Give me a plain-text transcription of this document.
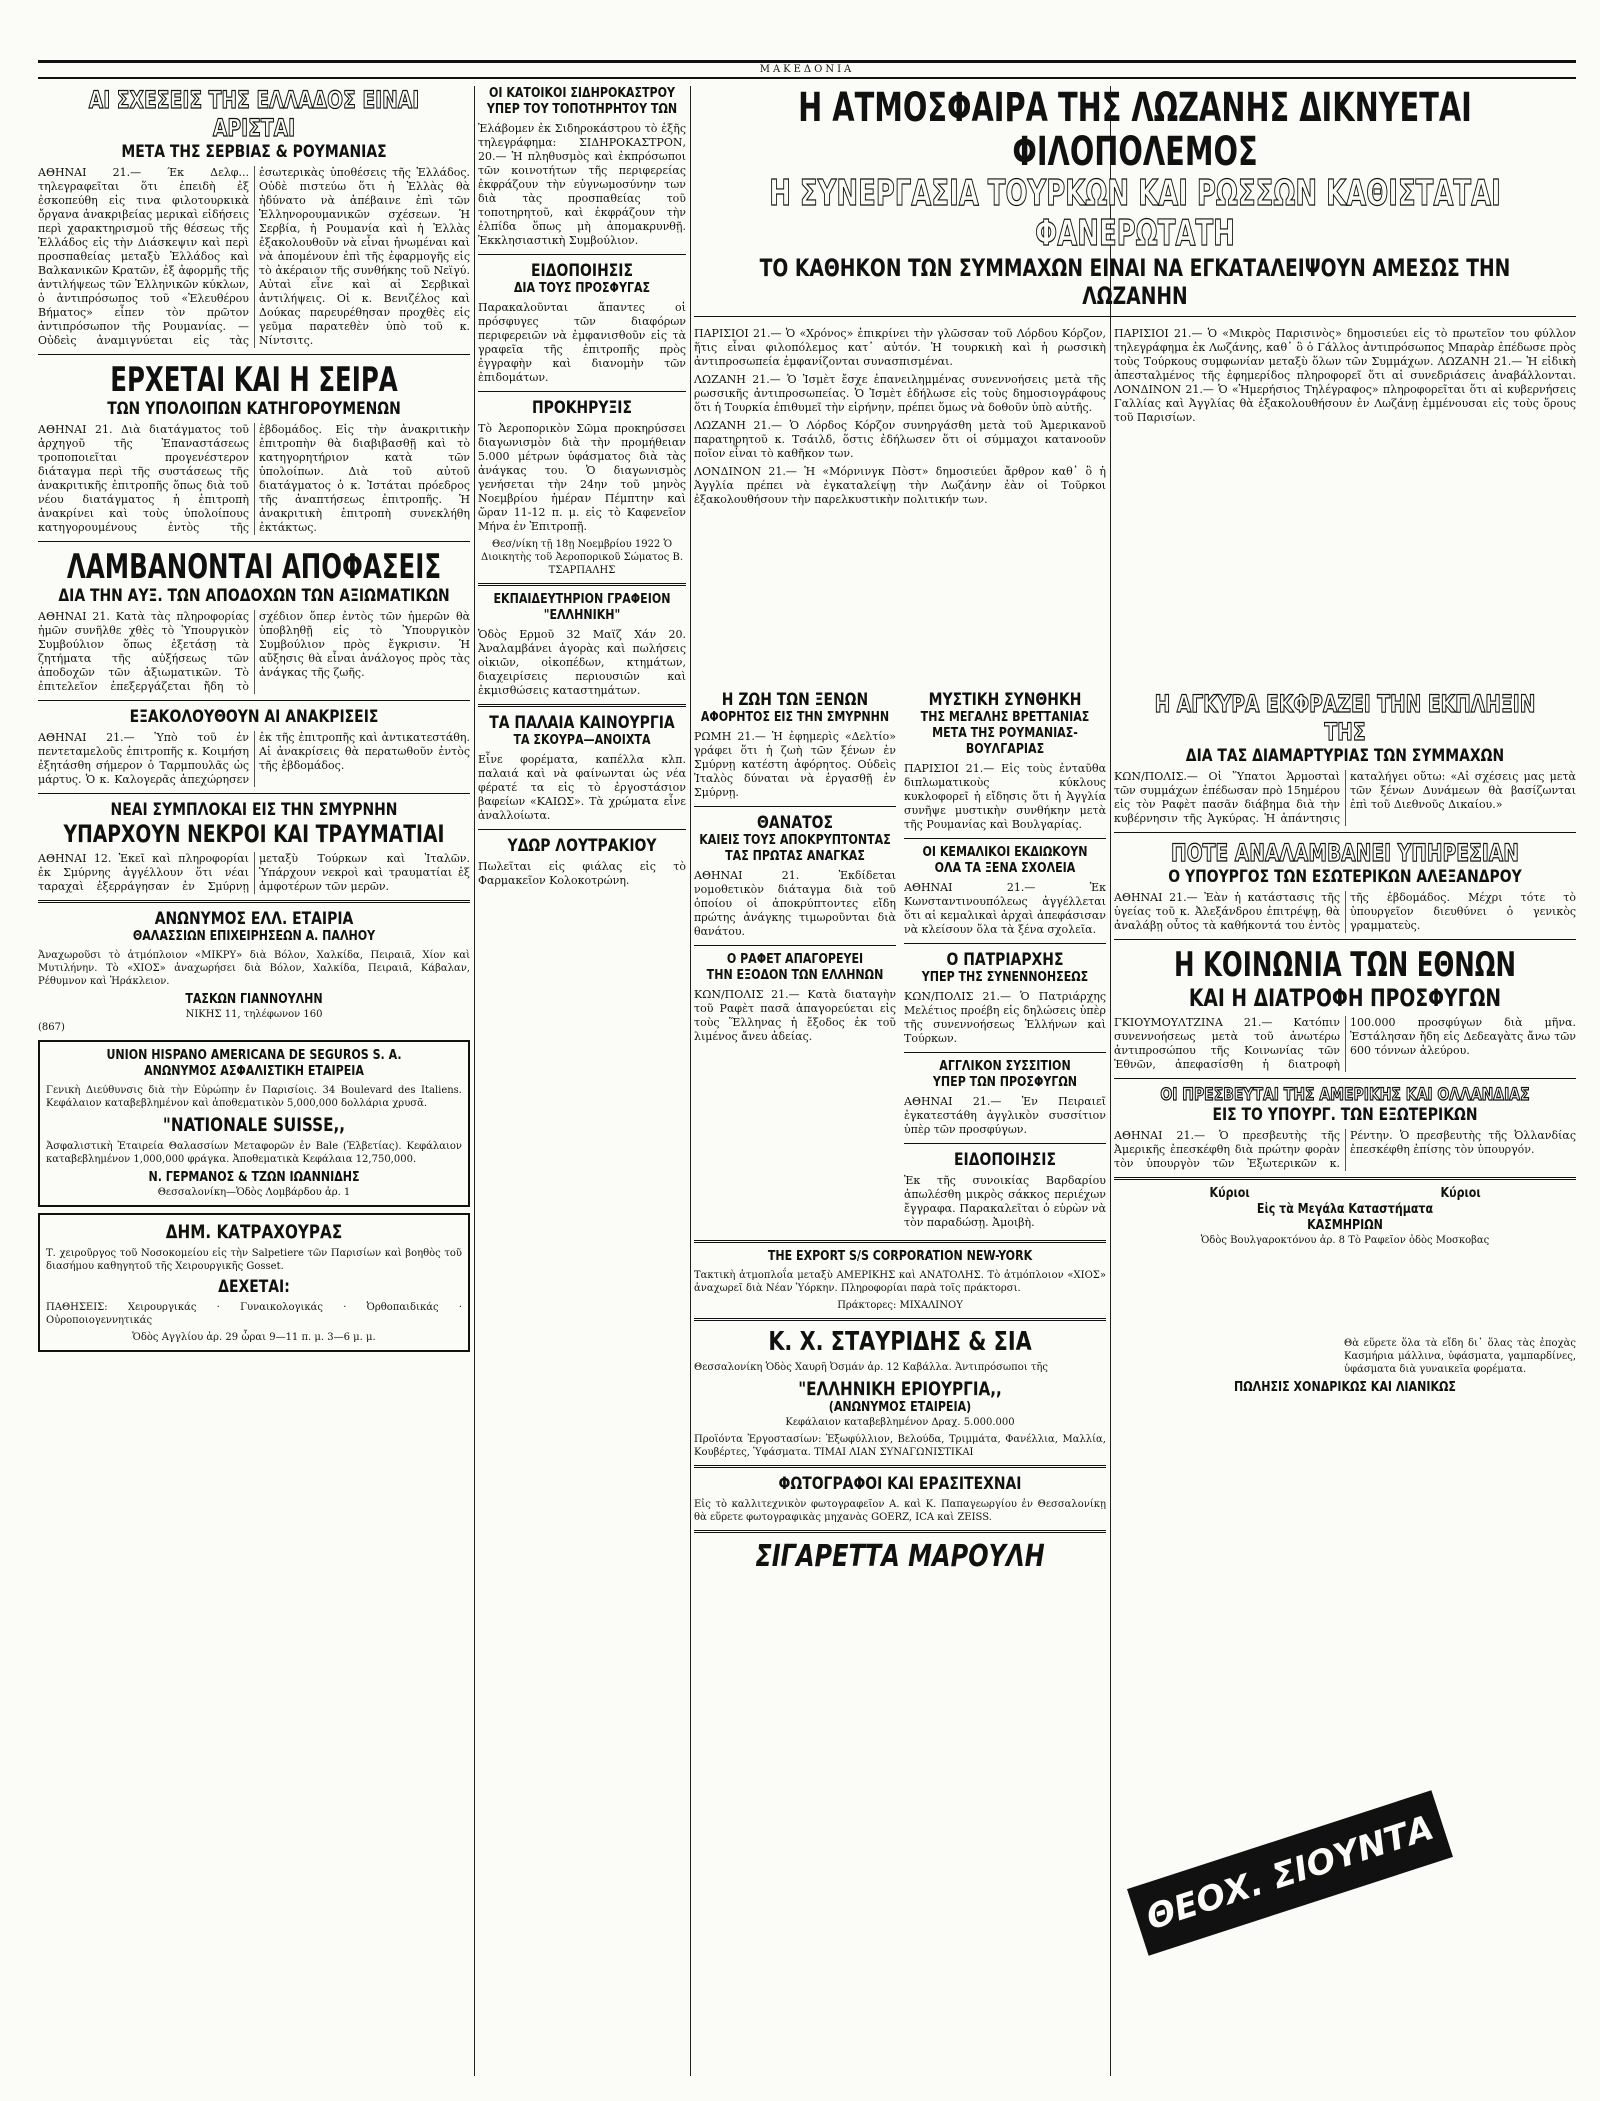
ΜΑΚΕΔΟΝΙΑ
ΑΙ ΣΧΕΣΕΙΣ ΤΗΣ ΕΛΛΑΔΟΣ ΕΙΝΑΙ ΑΡΙΣΤΑΙ
ΜΕΤΑ ΤΗΣ ΣΕΡΒΙΑΣ & ΡΟΥΜΑΝΙΑΣ
ΑΘΗΝΑΙ 21.— Έκ Δελφ... τηλεγραφεῖται ὅτι ἐπειδὴ ἐξ ἐσκοπεύθη εἰς τινα φιλοτουρκικὰ ὄργανα ἀνακριβείας μερικαὶ εἰδήσεις περὶ χαρακτηρισμοῦ τῆς θέσεως τῆς Ἑλλάδος εἰς τὴν Διάσκεψιν καὶ περὶ προσπαθείας μεταξὺ Ἑλλάδος καὶ Βαλκανικῶν Κρατῶν, ἐξ ἀφορμῆς τῆς ἀντιλήψεως τῶν Ἑλληνικῶν κύκλων, ὁ ἀντιπρόσωπος τοῦ «Ἐλευθέρου Βήματος» εἶπεν τὸν πρῶτον ἀντιπρόσωπον τῆς Ρουμανίας. — Οὐδεὶς ἀναμιγνύεται εἰς τὰς ἐσωτερικὰς ὑποθέσεις τῆς Ἑλλάδος. Οὐδὲ πιστεύω ὅτι ἡ Ἑλλὰς θὰ ἠδύνατο νὰ ἀπέβαινε ἐπὶ τῶν Ἑλληνορουμανικῶν σχέσεων. Ἡ Σερβία, ἡ Ρουμανία καὶ ἡ Ἑλλὰς ἐξακολουθοῦν νὰ εἶναι ἠνωμέναι καὶ νὰ ἀπομένουν ἐπὶ τῆς ἐφαρμογῆς εἰς τὸ ἀκέραιον τῆς συνθήκης τοῦ Νεϊγύ. Αὐταὶ εἶνε καὶ αἱ Σερβικαὶ ἀντιλήψεις. Οἱ κ. Βενιζέλος καὶ Δούκας παρευρέθησαν προχθὲς εἰς γεῦμα παρατεθὲν ὑπὸ τοῦ κ. Νίντσιτς.
ΕΡΧΕΤΑΙ ΚΑΙ Η ΣΕΙΡΑ
ΤΩΝ ΥΠΟΛΟΙΠΩΝ ΚΑΤΗΓΟΡΟΥΜΕΝΩΝ
ΑΘΗΝΑΙ 21. Διὰ διατάγματος τοῦ ἀρχηγοῦ τῆς Ἐπαναστάσεως τροποποιεῖται προγενέστερον διάταγμα περὶ τῆς συστάσεως τῆς ἀνακριτικῆς ἐπιτροπῆς ὅπως διὰ τοῦ νέου διατάγματος ἡ ἐπιτροπὴ ἀνακρίνει καὶ τοὺς ὑπολοίπους κατηγορουμένους ἐντὸς τῆς ἑβδομάδος. Εἰς τὴν ἀνακριτικὴν ἐπιτροπὴν θὰ διαβιβασθῇ καὶ τὸ κατηγορητήριον κατὰ τῶν ὑπολοίπων. Διὰ τοῦ αὐτοῦ διατάγματος ὁ κ. Ἰστάται πρόεδρος τῆς ἀναπτήσεως ἐπιτροπῆς. Ἡ ἀνακριτικὴ ἐπιτροπὴ συνεκλήθη ἐκτάκτως.
ΛΑΜΒΑΝΟΝΤΑΙ ΑΠΟΦΑΣΕΙΣ
ΔΙΑ ΤΗΝ ΑΥΞ. ΤΩΝ ΑΠΟΔΟΧΩΝ ΤΩΝ ΑΞΙΩΜΑΤΙΚΩΝ
ΑΘΗΝΑΙ 21. Κατὰ τὰς πληροφορίας ἡμῶν συνῆλθε χθὲς τὸ Ὑπουργικὸν Συμβούλιον ὅπως ἐξετάσῃ τὰ ζητήματα τῆς αὐξήσεως τῶν ἀποδοχῶν τῶν ἀξιωματικῶν. Τὸ ἐπιτελεῖον ἐπεξεργάζεται ἤδη τὸ σχέδιον ὅπερ ἐντὸς τῶν ἡμερῶν θὰ ὑποβληθῇ εἰς τὸ Ὑπουργικὸν Συμβούλιον πρὸς ἔγκρισιν. Ἡ αὔξησις θὰ εἶναι ἀνάλογος πρὸς τὰς ἀνάγκας τῆς ζωῆς.
ΕΞΑΚΟΛΟΥΘΟΥΝ ΑΙ ΑΝΑΚΡΙΣΕΙΣ
ΑΘΗΝΑΙ 21.— Ὑπὸ τοῦ ἐν πεντεταμελοῦς ἐπιτροπῆς κ. Κοιμήση ἐξητάσθη σήμερον ὁ Ταρμπουλᾶς ὡς μάρτυς. Ὁ κ. Καλογερᾶς ἀπεχώρησεν ἐκ τῆς ἐπιτροπῆς καὶ ἀντικατεστάθη. Αἱ ἀνακρίσεις θὰ περατωθοῦν ἐντὸς τῆς ἑβδομάδος.
ΝΕΑΙ ΣΥΜΠΛΟΚΑΙ ΕΙΣ ΤΗΝ ΣΜΥΡΝΗΝ
ΥΠΑΡΧΟΥΝ ΝΕΚΡΟΙ ΚΑΙ ΤΡΑΥΜΑΤΙΑΙ
ΑΘΗΝΑΙ 12. Ἐκεῖ καὶ πληροφορίαι ἐκ Σμύρνης ἀγγέλλουν ὅτι νέαι ταραχαὶ ἐξερράγησαν ἐν Σμύρνῃ μεταξὺ Τούρκων καὶ Ἰταλῶν. Ὑπάρχουν νεκροὶ καὶ τραυματίαι ἐξ ἀμφοτέρων τῶν μερῶν.
ΑΝΩΝΥΜΟΣ ΕΛΛ. ΕΤΑΙΡΙΑ
ΘΑΛΑΣΣΙΩΝ ΕΠΙΧΕΙΡΗΣΕΩΝ Α. ΠΑΛΗΟΥ
Ἀναχωροῦσι τὸ ἀτμόπλοιον «ΜΙΚΡΥ» διὰ Βόλον, Χαλκίδα, Πειραιᾶ, Χίον καὶ Μυτιλήνην. Τὸ «ΧΙΟΣ» ἀναχωρήσει διὰ Βόλον, Χαλκίδα, Πειραιᾶ, Κάβαλαν, Ρέθυμνον καὶ Ἡράκλειον.
ΤΑΣΚΩΝ ΓΙΑΝΝΟΥΛΗΝ
ΝΙΚΗΣ 11, τηλέφωνον 160
(867)
UNION HISPANO AMERICANA DE SEGUROS S. A.
ΑΝΩΝΥΜΟΣ ΑΣΦΑΛΙΣΤΙΚΗ ΕΤΑΙΡΕΙΑ
Γενικὴ Διεύθυνσις διὰ τὴν Εὐρώπην ἐν Παρισίοις. 34 Boulevard des Italiens. Κεφάλαιον καταβεβλημένον καὶ ἀποθεματικὸν 5,000,000 δολλάρια χρυσᾶ.
"NATIONALE SUISSE,,
Ἀσφαλιστικὴ Ἑταιρεία Θαλασσίων Μεταφορῶν ἐν Bale (Ἑλβετίας). Κεφάλαιον καταβεβλημένον 1,000,000 φράγκα. Ἀποθεματικὰ Κεφάλαια 12,750,000.
Ν. ΓΕΡΜΑΝΟΣ & ΤΖΩΝ ΙΩΑΝΝΙΔΗΣ
Θεσσαλονίκη—Ὁδὸς Λομβάρδου ἀρ. 1
ΔΗΜ. ΚΑΤΡΑΧΟΥΡΑΣ
Τ. χειροῦργος τοῦ Νοσοκομείου εἰς τὴν Salpetiere τῶν Παρισίων καὶ βοηθὸς τοῦ διασήμου καθηγητοῦ τῆς Χειρουργικῆς Gosset.
ΔΕΧΕΤΑΙ:
ΠΑΘΗΣΕΙΣ: Χειρουργικάς · Γυναικολογικάς · Ὀρθοπαιδικάς · Οὐροποιογεννητικάς
Ὁδὸς Αγγλίου ἀρ. 29 ὧραι 9—11 π. μ. 3—6 μ. μ.
ΟΙ ΚΑΤΟΙΚΟΙ ΣΙΔΗΡΟΚΑΣΤΡΟΥ ΥΠΕΡ ΤΟΥ ΤΟΠΟΤΗΡΗΤΟΥ ΤΩΝ
Ἐλάβομεν ἐκ Σιδηροκάστρου τὸ ἑξῆς τηλεγράφημα: ΣΙΔΗΡΟΚΑΣΤΡΟΝ, 20.— Ἡ πληθυσμὸς καὶ ἐκπρόσωποι τῶν κοινοτήτων τῆς περιφερείας ἐκφράζουν τὴν εὐγνωμοσύνην των διὰ τὰς προσπαθείας τοῦ τοποτηρητοῦ, καὶ ἐκφράζουν τὴν ἐλπίδα ὅπως μὴ ἀπομακρυνθῇ. Ἐκκλησιαστικὴ Συμβούλιον.
ΕΙΔΟΠΟΙΗΣΙΣ
ΔΙΑ ΤΟΥΣ ΠΡΟΣΦΥΓΑΣ
Παρακαλοῦνται ἅπαντες οἱ πρόσφυγες τῶν διαφόρων περιφερειῶν νὰ ἐμφανισθοῦν εἰς τὰ γραφεῖα τῆς ἐπιτροπῆς πρὸς ἐγγραφὴν καὶ διανομὴν τῶν ἐπιδομάτων.
ΠΡΟΚΗΡΥΞΙΣ
Τὸ Ἀεροπορικὸν Σῶμα προκηρύσσει διαγωνισμὸν διὰ τὴν προμήθειαν 5.000 μέτρων ὑφάσματος διὰ τὰς ἀνάγκας του. Ὁ διαγωνισμὸς γενήσεται τὴν 24ην τοῦ μηνὸς Νοεμβρίου ἡμέραν Πέμπτην καὶ ὥραν 11-12 π. μ. εἰς τὸ Καφενεῖον Μήνα ἐν Ἐπιτροπῇ.
Θεσ/νίκη τῇ 18ῃ Νοεμβρίου 1922 Ὁ Διοικητὴς τοῦ Ἀεροπορικοῦ Σώματος Β. ΤΣΑΡΠΑΛΗΣ
ΕΚΠΑΙΔΕΥΤΗΡΙΟΝ ΓΡΑΦΕΙΟΝ "ΕΛΛΗΝΙΚΗ"
Ὁδὸς Ερμοῦ 32 Μαϊζ Χάν 20. Ἀναλαμβάνει ἀγορὰς καὶ πωλήσεις οἰκιῶν, οἰκοπέδων, κτημάτων, διαχειρίσεις περιουσιῶν καὶ ἐκμισθώσεις καταστημάτων.
ΤΑ ΠΑΛΑΙΑ ΚΑΙΝΟΥΡΓΙΑ
ΤΑ ΣΚΟΥΡΑ—ΑΝΟΙΧΤΑ
Εἶνε φορέματα, καπέλλα κλπ. παλαιά καὶ νὰ φαίνωνται ὡς νέα φέρατέ τα εἰς τὸ ἐργοστάσιον βαφείων «ΚΑΙΩΣ». Τὰ χρώματα εἶνε ἀναλλοίωτα.
ΥΔΩΡ ΛΟΥΤΡΑΚΙΟΥ
Πωλεῖται εἰς φιάλας εἰς τὸ Φαρμακεῖον Κολοκοτρώνη.
Η ΑΤΜΟΣΦΑΙΡΑ ΤΗΣ ΛΩΖΑΝΗΣ ΔΙΚΝΥΕΤΑΙ ΦΙΛΟΠΟΛΕΜΟΣ
Η ΣΥΝΕΡΓΑΣΙΑ ΤΟΥΡΚΩΝ ΚΑΙ ΡΩΣΣΩΝ ΚΑΘΙΣΤΑΤΑΙ ΦΑΝΕΡΩΤΑΤΗ
ΤΟ ΚΑΘΗΚΟΝ ΤΩΝ ΣΥΜΜΑΧΩΝ ΕΙΝΑΙ ΝΑ ΕΓΚΑΤΑΛΕΙΨΟΥΝ ΑΜΕΣΩΣ ΤΗΝ ΛΩΖΑΝΗΝ
ΠΑΡΙΣΙΟΙ 21.— Ὁ «Χρόνος» ἐπικρίνει τὴν γλῶσσαν τοῦ Λόρδου Κόρζον, ἥτις εἶναι φιλοπόλεμος κατ᾽ αὐτόν. Ἡ τουρκικὴ καὶ ἡ ρωσσικὴ ἀντιπροσωπεία ἐμφανίζονται συνασπισμέναι.
ΛΩΖΑΝΗ 21.— Ὁ Ἰσμὲτ ἔσχε ἐπανειλημμένας συνεννοήσεις μετὰ τῆς ρωσσικῆς ἀντιπροσωπείας. Ὁ Ἰσμὲτ ἐδήλωσε εἰς τοὺς δημοσιογράφους ὅτι ἡ Τουρκία ἐπιθυμεῖ τὴν εἰρήνην, πρέπει ὅμως νὰ δοθοῦν ὑπὸ αὐτῆς.
ΛΩΖΑΝΗ 21.— Ὁ Λόρδος Κόρζον συνηργάσθη μετὰ τοῦ Ἀμερικανοῦ παρατηρητοῦ κ. Τσάιλδ, ὅστις ἐδήλωσεν ὅτι οἱ σύμμαχοι κατανοοῦν ποῖον εἶναι τὸ καθῆκον των.
ΛΟΝΔΙΝΟΝ 21.— Ἡ «Μόρνινγκ Πὸστ» δημοσιεύει ἄρθρον καθ᾽ ὃ ἡ Ἀγγλία πρέπει νὰ ἐγκαταλείψῃ τὴν Λωζάνην ἐὰν οἱ Τοῦρκοι ἐξακολουθήσουν τὴν παρελκυστικὴν πολιτικήν των.
ΠΑΡΙΣΙΟΙ 21.— Ὁ «Μικρὸς Παρισινὸς» δημοσιεύει εἰς τὸ πρωτεῖον του φύλλον τηλεγράφημα ἐκ Λωζάνης, καθ᾽ ὃ ὁ Γάλλος ἀντιπρόσωπος Μπαρὰρ ἐπέδωσε πρὸς τοὺς Τούρκους συμφωνίαν μεταξὺ ὅλων τῶν Συμμάχων. ΛΩΖΑΝΗ 21.— Ἡ εἰδικὴ ἀπεσταλμένος τῆς ἐφημερίδος πληροφορεῖ ὅτι αἱ συνεδριάσεις ἀναβάλλονται. ΛΟΝΔΙΝΟΝ 21.— Ὁ «Ἡμερήσιος Τηλέγραφος» πληροφορεῖται ὅτι αἱ κυβερνήσεις Γαλλίας καὶ Ἀγγλίας θὰ ἐξακολουθήσουν ἐν Λωζάνῃ ἐμμένουσαι εἰς τοὺς ὅρους τοῦ Παρισίων.
Η ΖΩΗ ΤΩΝ ΞΕΝΩΝ
ΑΦΟΡΗΤΟΣ ΕΙΣ ΤΗΝ ΣΜΥΡΝΗΝ
ΡΩΜΗ 21.— Ἡ ἐφημερὶς «Δελτίο» γράφει ὅτι ἡ ζωὴ τῶν ξένων ἐν Σμύρνῃ κατέστη ἀφόρητος. Οὐδεὶς Ἰταλὸς δύναται νὰ ἐργασθῇ ἐν Σμύρνῃ.
ΘΑΝΑΤΟΣ
ΚΑΙΕΙΣ ΤΟΥΣ ΑΠΟΚΡΥΠΤΟΝΤΑΣ ΤΑΣ ΠΡΩΤΑΣ ΑΝΑΓΚΑΣ
ΑΘΗΝΑΙ 21. Ἐκδίδεται νομοθετικὸν διάταγμα διὰ τοῦ ὁποίου οἱ ἀποκρύπτοντες εἴδη πρώτης ἀνάγκης τιμωροῦνται διὰ θανάτου.
Ο ΡΑΦΕΤ ΑΠΑΓΟΡΕΥΕΙ
ΤΗΝ ΕΞΟΔΟΝ ΤΩΝ ΕΛΛΗΝΩΝ
ΚΩΝ/ΠΟΛΙΣ 21.— Κατὰ διαταγὴν τοῦ Ραφὲτ πασᾶ ἀπαγορεύεται εἰς τοὺς Ἕλληνας ἡ ἔξοδος ἐκ τοῦ λιμένος ἄνευ ἀδείας.
ΜΥΣΤΙΚΗ ΣΥΝΘΗΚΗ
ΤΗΣ ΜΕΓΑΛΗΣ ΒΡΕΤΤΑΝΙΑΣ ΜΕΤΑ ΤΗΣ ΡΟΥΜΑΝΙΑΣ-ΒΟΥΛΓΑΡΙΑΣ
ΠΑΡΙΣΙΟΙ 21.— Εἰς τοὺς ἐνταῦθα διπλωματικοὺς κύκλους κυκλοφορεῖ ἡ εἴδησις ὅτι ἡ Ἀγγλία συνῆψε μυστικὴν συνθήκην μετὰ τῆς Ρουμανίας καὶ Βουλγαρίας.
ΟΙ ΚΕΜΑΛΙΚΟΙ ΕΚΔΙΩΚΟΥΝ
ΟΛΑ ΤΑ ΞΕΝΑ ΣΧΟΛΕΙΑ
ΑΘΗΝΑΙ 21.— Ἐκ Κωνσταντινουπόλεως ἀγγέλλεται ὅτι αἱ κεμαλικαὶ ἀρχαὶ ἀπεφάσισαν νὰ κλείσουν ὅλα τὰ ξένα σχολεῖα.
Ο ΠΑΤΡΙΑΡΧΗΣ
ΥΠΕΡ ΤΗΣ ΣΥΝΕΝΝΟΗΣΕΩΣ
ΚΩΝ/ΠΟΛΙΣ 21.— Ὁ Πατριάρχης Μελέτιος προέβη εἰς δηλώσεις ὑπὲρ τῆς συνεννοήσεως Ἑλλήνων καὶ Τούρκων.
ΑΓΓΛΙΚΟΝ ΣΥΣΣΙΤΙΟΝ
ΥΠΕΡ ΤΩΝ ΠΡΟΣΦΥΓΩΝ
ΑΘΗΝΑΙ 21.— Ἐν Πειραιεῖ ἐγκατεστάθη ἀγγλικὸν συσσίτιον ὑπὲρ τῶν προσφύγων.
ΕΙΔΟΠΟΙΗΣΙΣ
Ἐκ τῆς συνοικίας Βαρδαρίου ἀπωλέσθη μικρὸς σάκκος περιέχων ἔγγραφα. Παρακαλεῖται ὁ εὑρὼν νὰ τὸν παραδώσῃ. Ἀμοιβὴ.
THE EXPORT S/S CORPORATION NEW-YORK
Τακτικὴ ἀτμοπλοΐα μεταξὺ ΑΜΕΡΙΚΗΣ καὶ ΑΝΑΤΟΛΗΣ. Τὸ ἀτμόπλοιον «ΧΙΟΣ» ἀναχωρεῖ διὰ Νέαν Ὑόρκην. Πληροφορίαι παρὰ τοῖς πράκτορσι.
Πράκτορες: ΜΙΧΑΛΙΝΟΥ
Κ. Χ. ΣΤΑΥΡΙΔΗΣ & ΣΙΑ
Θεσσαλονίκη Ὁδὸς Χαυρῆ Ὀσμάν ἀρ. 12 Καβάλλα. Ἀντιπρόσωποι τῆς
"ΕΛΛΗΝΙΚΗ ΕΡΙΟΥΡΓΙΑ,,
(ΑΝΩΝΥΜΟΣ ΕΤΑΙΡΕΙΑ)
Κεφάλαιον καταβεβλημένον Δραχ. 5.000.000
Προϊόντα Ἐργοστασίων: Ἐξωφύλλιον, Βελούδα, Τριμμάτα, Φανέλλια, Μαλλία, Κουβέρτες, Ὑφάσματα. ΤΙΜΑΙ ΛΙΑΝ ΣΥΝΑΓΩΝΙΣΤΙΚΑΙ
ΦΩΤΟΓΡΑΦΟΙ ΚΑΙ ΕΡΑΣΙΤΕΧΝΑΙ
Εἰς τὸ καλλιτεχνικὸν φωτογραφεῖον Α. καὶ Κ. Παπαγεωργίου ἐν Θεσσαλονίκῃ θὰ εὕρετε φωτογραφικὰς μηχανὰς GOERZ, ICA καὶ ZEISS.
ΣΙΓΑΡΕΤΤΑ ΜΑΡΟΥΛΗ
Η ΑΓΚΥΡΑ ΕΚΦΡΑΖΕΙ ΤΗΝ ΕΚΠΛΗΞΙΝ ΤΗΣ
ΔΙΑ ΤΑΣ ΔΙΑΜΑΡΤΥΡΙΑΣ ΤΩΝ ΣΥΜΜΑΧΩΝ
ΚΩΝ/ΠΟΛΙΣ.— Οἱ Ὕπατοι Ἁρμοσταὶ τῶν συμμάχων ἐπέδωσαν πρὸ 15ημέρου εἰς τὸν Ραφὲτ πασᾶν διάβημα διὰ τὴν κυβέρνησιν τῆς Ἀγκύρας. Ἡ ἀπάντησις καταλήγει οὕτω: «Αἱ σχέσεις μας μετὰ τῶν ξένων Δυνάμεων θὰ βασίζωνται ἐπὶ τοῦ Διεθνοῦς Δικαίου.»
ΠΟΤΕ ΑΝΑΛΑΜΒΑΝΕΙ ΥΠΗΡΕΣΙΑΝ
Ο ΥΠΟΥΡΓΟΣ ΤΩΝ ΕΣΩΤΕΡΙΚΩΝ ΑΛΕΞΑΝΔΡΟΥ
ΑΘΗΝΑΙ 21.— Ἐὰν ἡ κατάστασις τῆς ὑγείας τοῦ κ. Ἀλεξάνδρου ἐπιτρέψῃ, θὰ ἀναλάβῃ οὗτος τὰ καθήκοντά του ἐντὸς τῆς ἑβδομάδος. Μέχρι τότε τὸ ὑπουργεῖον διευθύνει ὁ γενικὸς γραμματεὺς.
Η ΚΟΙΝΩΝΙΑ ΤΩΝ ΕΘΝΩΝ
ΚΑΙ Η ΔΙΑΤΡΟΦΗ ΠΡΟΣΦΥΓΩΝ
ΓΚΙΟΥΜΟΥΛΤΖΙΝΑ 21.— Κατόπιν συνεννοήσεως μετὰ τοῦ ἀνωτέρω ἀντιπροσώπου τῆς Κοινωνίας τῶν Ἐθνῶν, ἀπεφασίσθη ἡ διατροφὴ 100.000 προσφύγων διὰ μῆνα. Ἐστάλησαν ἤδη εἰς Δεδεαγὰτς ἄνω τῶν 600 τόννων ἀλεύρου.
ΟΙ ΠΡΕΣΒΕΥΤΑΙ ΤΗΣ ΑΜΕΡΙΚΗΣ ΚΑΙ ΟΛΛΑΝΔΙΑΣ
ΕΙΣ ΤΟ ΥΠΟΥΡΓ. ΤΩΝ ΕΞΩΤΕΡΙΚΩΝ
ΑΘΗΝΑΙ 21.— Ὁ πρεσβευτὴς τῆς Ἀμερικῆς ἐπεσκέφθη διὰ πρώτην φορὰν τὸν ὑπουργὸν τῶν Ἐξωτερικῶν κ. Ρέντην. Ὁ πρεσβευτὴς τῆς Ὀλλανδίας ἐπεσκέφθη ἐπίσης τὸν ὑπουργόν.
Κύριοι	Κύριοι
Εἰς τὰ Μεγάλα Καταστήματα
ΚΑΣΜΗΡΙΩΝ
Ὁδὸς Βουλγαροκτόνου ἀρ. 8 Τὸ Ραφεῖον ὁδὸς Μοσκοβας
Θὰ εὕρετε ὅλα τὰ εἴδη δι᾽ ὅλας τὰς ἐποχὰς Κασμήρια μάλλινα, ὑφάσματα, γαμπαρδίνες, ὑφάσματα διὰ γυναικεῖα φορέματα.
ΠΩΛΗΣΙΣ ΧΟΝΔΡΙΚΩΣ ΚΑΙ ΛΙΑΝΙΚΩΣ
ΘΕΟΧ. ΣΙΟΥΝΤΑ ΥΙΩΝ
